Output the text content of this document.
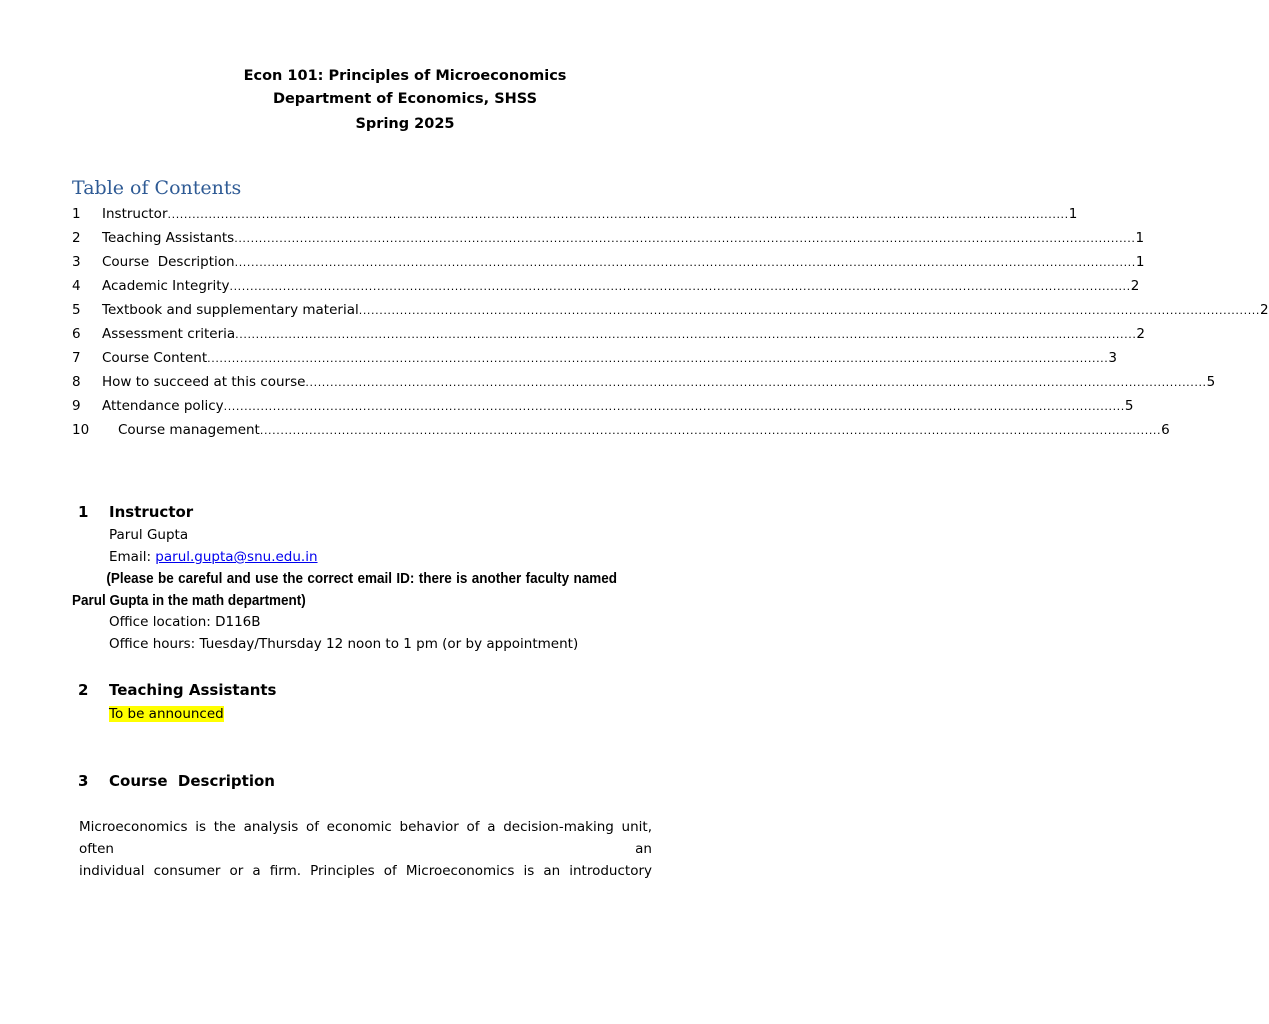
Econ 101: Principles of Microeconomics
Department of Economics, SHSS
Spring 2025
Table of Contents
1	Instructor ............................................................................................................................................................................................................................ 1
2	Teaching Assistants ............................................................................................................................................................................................................................ 1
3	Course  Description ............................................................................................................................................................................................................................ 1
4	Academic Integrity ............................................................................................................................................................................................................................ 2
5	Textbook and supplementary material ............................................................................................................................................................................................................................ 2
6	Assessment criteria ............................................................................................................................................................................................................................ 2
7	Course Content ............................................................................................................................................................................................................................ 3
8	How to succeed at this course ............................................................................................................................................................................................................................ 5
9	Attendance policy ............................................................................................................................................................................................................................ 5
10	Course management ............................................................................................................................................................................................................................ 6
1	Instructor
Parul Gupta
Email: parul.gupta@snu.edu.in
(Please be careful and use the correct email ID: there is another faculty named Parul Gupta in the math department)
Office location: D116B
Office hours: Tuesday/Thursday 12 noon to 1 pm (or by appointment)
2	Teaching Assistants
To be announced
3	Course  Description
Microeconomics is the analysis of economic behavior of a decision-making unit, often an
individual consumer or a firm. Principles of Microeconomics is an introductory
